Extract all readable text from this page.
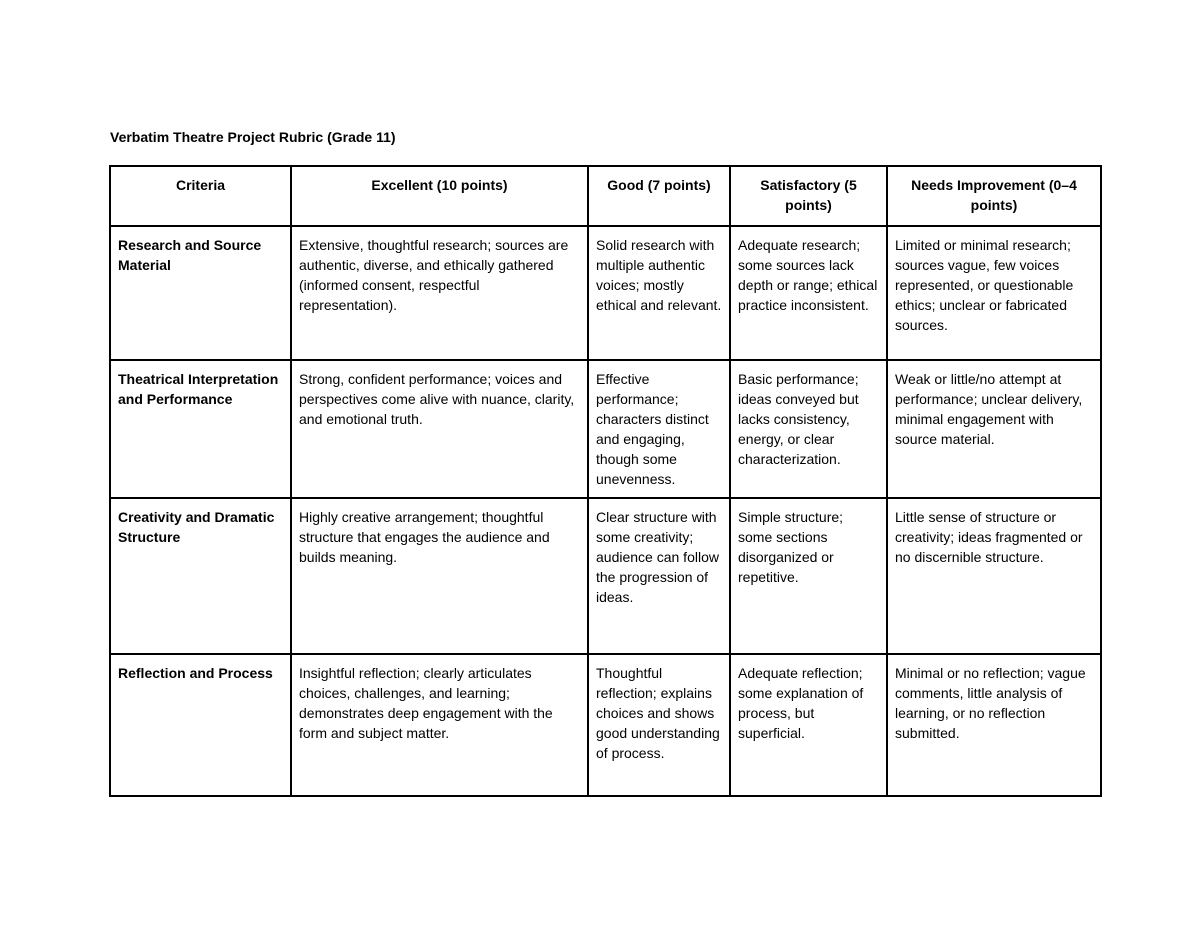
Verbatim Theatre Project Rubric (Grade 11)
Criteria	Excellent (10 points)	Good (7 points)	Satisfactory (5 points)	Needs Improvement (0–4 points)
Research and Source Material	Extensive, thoughtful research; sources are authentic, diverse, and ethically gathered (informed consent, respectful representation).	Solid research with multiple authentic voices; mostly ethical and relevant.	Adequate research; some sources lack depth or range; ethical practice inconsistent.	Limited or minimal research; sources vague, few voices represented, or questionable ethics; unclear or fabricated sources.
Theatrical Interpretation and Performance	Strong, confident performance; voices and perspectives come alive with nuance, clarity, and emotional truth.	Effective performance; characters distinct and engaging, though some unevenness.	Basic performance; ideas conveyed but lacks consistency, energy, or clear characterization.	Weak or little/no attempt at performance; unclear delivery, minimal engagement with source material.
Creativity and Dramatic Structure	Highly creative arrangement; thoughtful structure that engages the audience and builds meaning.	Clear structure with some creativity; audience can follow the progression of ideas.	Simple structure; some sections disorganized or repetitive.	Little sense of structure or creativity; ideas fragmented or no discernible structure.
Reflection and Process	Insightful reflection; clearly articulates choices, challenges, and learning; demonstrates deep engagement with the form and subject matter.	Thoughtful reflection; explains choices and shows good understanding of process.	Adequate reflection; some explanation of process, but superficial.	Minimal or no reflection; vague comments, little analysis of learning, or no reflection submitted.
